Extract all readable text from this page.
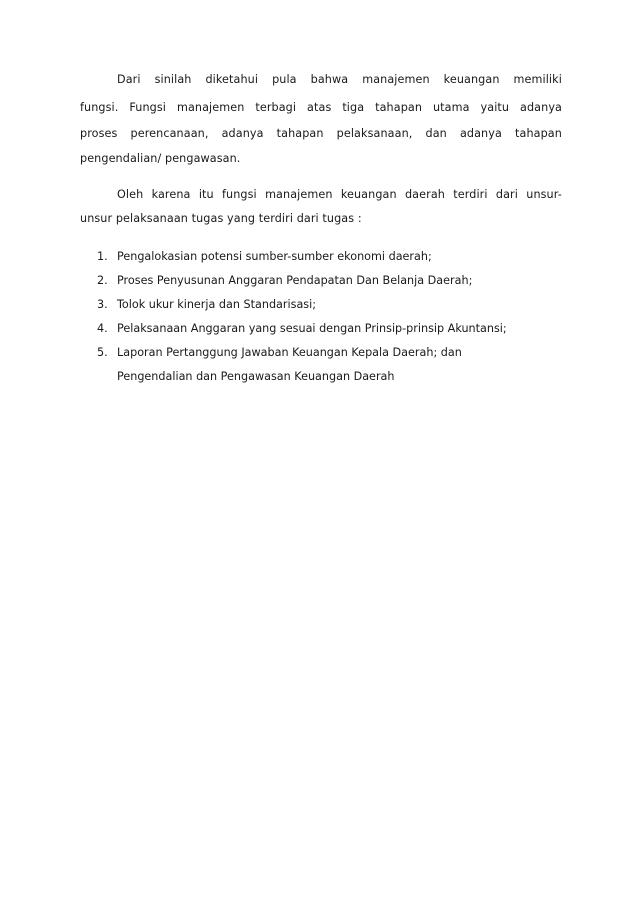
Dari sinilah diketahui pula bahwa manajemen keuangan memiliki
fungsi. Fungsi manajemen terbagi atas tiga tahapan utama yaitu adanya
proses perencanaan, adanya tahapan pelaksanaan, dan adanya tahapan
pengendalian/ pengawasan.
Oleh karena itu fungsi manajemen keuangan daerah terdiri dari unsur-
unsur pelaksanaan tugas yang terdiri dari tugas :
1. Pengalokasian potensi sumber-sumber ekonomi daerah;
2. Proses Penyusunan Anggaran Pendapatan Dan Belanja Daerah;
3. Tolok ukur kinerja dan Standarisasi;
4. Pelaksanaan Anggaran yang sesuai dengan Prinsip-prinsip Akuntansi;
5. Laporan Pertanggung Jawaban Keuangan Kepala Daerah; dan
Pengendalian dan Pengawasan Keuangan Daerah
